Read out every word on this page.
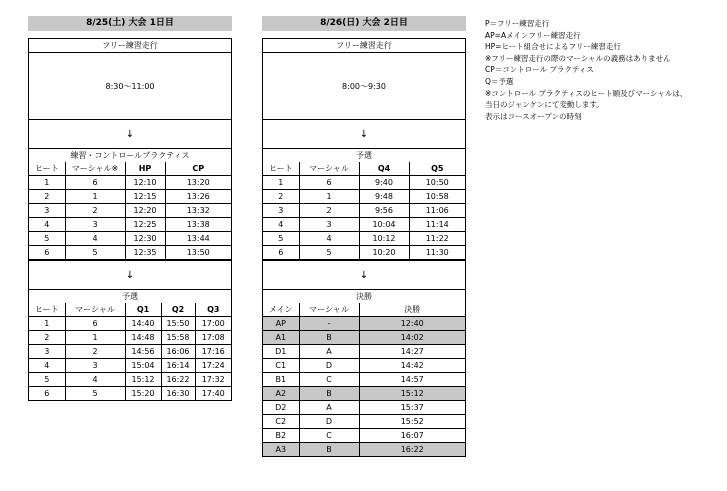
8/25(土) 大会 1日目
フリー練習走行
8:30～11:00
↓
練習・コントロールプラクティス
ヒート	マーシャル※	HP	CP
1	6	12:10	13:20
2	1	12:15	13:26
3	2	12:20	13:32
4	3	12:25	13:38
5	4	12:30	13:44
6	5	12:35	13:50
↓
予選
ヒート	マーシャル	Q1	Q2	Q3
1	6	14:40	15:50	17:00
2	1	14:48	15:58	17:08
3	2	14:56	16:06	17:16
4	3	15:04	16:14	17:24
5	4	15:12	16:22	17:32
6	5	15:20	16:30	17:40
8/26(日) 大会 2日目
フリー練習走行
8:00～9:30
↓
予選
ヒート	マーシャル	Q4	Q5
1	6	9:40	10:50
2	1	9:48	10:58
3	2	9:56	11:06
4	3	10:04	11:14
5	4	10:12	11:22
6	5	10:20	11:30
↓
決勝
メイン	マーシャル	決勝
AP	-	12:40
A1	B	14:02
D1	A	14:27
C1	D	14:42
B1	C	14:57
A2	B	15:12
D2	A	15:37
C2	D	15:52
B2	C	16:07
A3	B	16:22
P＝フリー練習走行
AP=Aメインフリー練習走行
HP=ヒート組合せによるフリー練習走行
※フリー練習走行の際のマーシャルの義務はありません
CP＝コントロール プラクティス
Q＝予選
※コントロール プラクティスのヒート順及びマーシャルは、
当日のジャンケンにて変動します。
表示はコースオープンの時刻
